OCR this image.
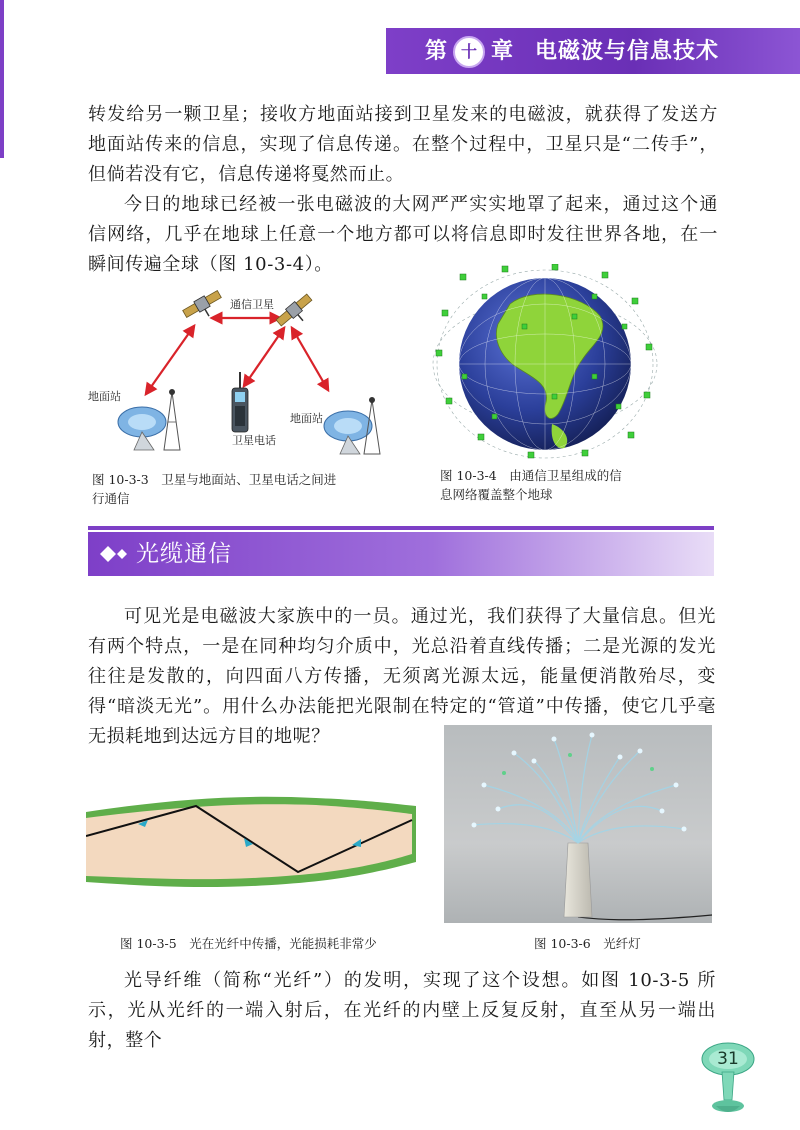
第 十 章 电磁波与信息技术

转发给另一颗卫星；接收方地面站接到卫星发来的电磁波，就获得了发送方地面站传来的信息，实现了信息传递。在整个过程中，卫星只是“二传手”，但倘若没有它，信息传递将戛然而止。

今日的地球已经被一张电磁波的大网严严实实地罩了起来，通过这个通信网络，几乎在地球上任意一个地方都可以将信息即时发往世界各地，在一瞬间传遍全球（图 10-3-4）。

通信卫星
地面站
地面站
卫星电话
图 10-3-3　卫星与地面站、卫星电话之间进
行通信
图 10-3-4　由通信卫星组成的信
息网络覆盖整个地球
光缆通信

可见光是电磁波大家族中的一员。通过光，我们获得了大量信息。但光有两个特点，一是在同种均匀介质中，光总沿着直线传播；二是光源的发光往往是发散的，向四面八方传播，无须离光源太远，能量便消散殆尽，变得“暗淡无光”。用什么办法能把光限制在特定的“管道”中传播，使它几乎毫无损耗地到达远方目的地呢？

图 10-3-5　光在光纤中传播，光能损耗非常少	图 10-3-6　光纤灯

光导纤维（简称“光纤”）的发明，实现了这个设想。如图 10-3-5 所示，光从光纤的一端入射后，在光纤的内壁上反复反射，直至从另一端出射，整个

31
